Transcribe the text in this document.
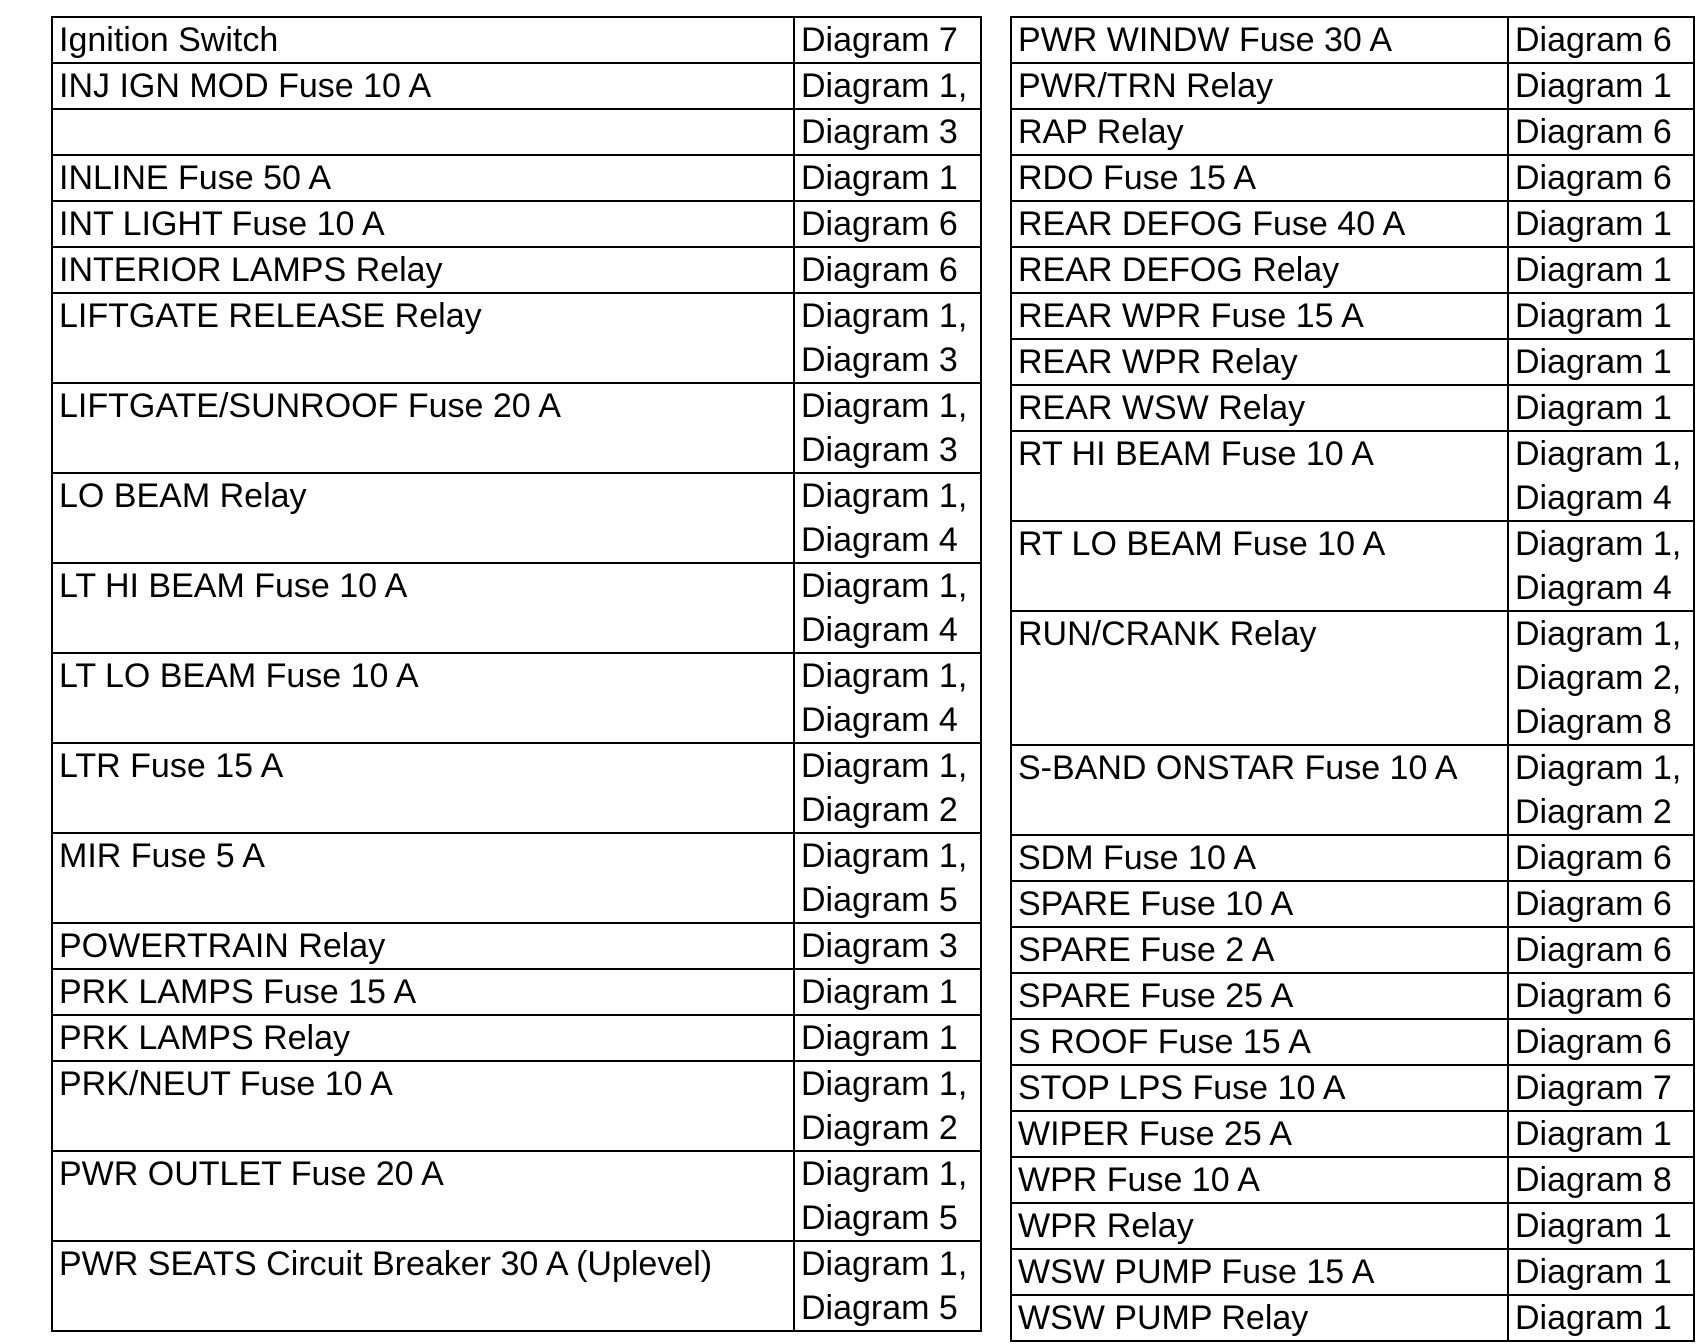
Ignition Switch	Diagram 7

INJ IGN MOD Fuse 10 A	Diagram 1,

	Diagram 3

INLINE Fuse 50 A	Diagram 1

INT LIGHT Fuse 10 A	Diagram 6

INTERIOR LAMPS Relay	Diagram 6

LIFTGATE RELEASE Relay	Diagram 1,
Diagram 3

LIFTGATE/SUNROOF Fuse 20 A	Diagram 1,
Diagram 3

LO BEAM Relay	Diagram 1,
Diagram 4

LT HI BEAM Fuse 10 A	Diagram 1,
Diagram 4

LT LO BEAM Fuse 10 A	Diagram 1,
Diagram 4

LTR Fuse 15 A	Diagram 1,
Diagram 2

MIR Fuse 5 A	Diagram 1,
Diagram 5

POWERTRAIN Relay	Diagram 3

PRK LAMPS Fuse 15 A	Diagram 1

PRK LAMPS Relay	Diagram 1

PRK/NEUT Fuse 10 A	Diagram 1,
Diagram 2

PWR OUTLET Fuse 20 A	Diagram 1,
Diagram 5

PWR SEATS Circuit Breaker 30 A (Uplevel)	Diagram 1,
Diagram 5
PWR WINDW Fuse 30 A	Diagram 6

PWR/TRN Relay	Diagram 1

RAP Relay	Diagram 6

RDO Fuse 15 A	Diagram 6

REAR DEFOG Fuse 40 A	Diagram 1

REAR DEFOG Relay	Diagram 1

REAR WPR Fuse 15 A	Diagram 1

REAR WPR Relay	Diagram 1

REAR WSW Relay	Diagram 1

RT HI BEAM Fuse 10 A	Diagram 1,
Diagram 4

RT LO BEAM Fuse 10 A	Diagram 1,
Diagram 4

RUN/CRANK Relay	Diagram 1,
Diagram 2,
Diagram 8

S-BAND ONSTAR Fuse 10 A	Diagram 1,
Diagram 2

SDM Fuse 10 A	Diagram 6

SPARE Fuse 10 A	Diagram 6

SPARE Fuse 2 A	Diagram 6

SPARE Fuse 25 A	Diagram 6

S ROOF Fuse 15 A	Diagram 6

STOP LPS Fuse 10 A	Diagram 7

WIPER Fuse 25 A	Diagram 1

WPR Fuse 10 A	Diagram 8

WPR Relay	Diagram 1

WSW PUMP Fuse 15 A	Diagram 1

WSW PUMP Relay	Diagram 1
